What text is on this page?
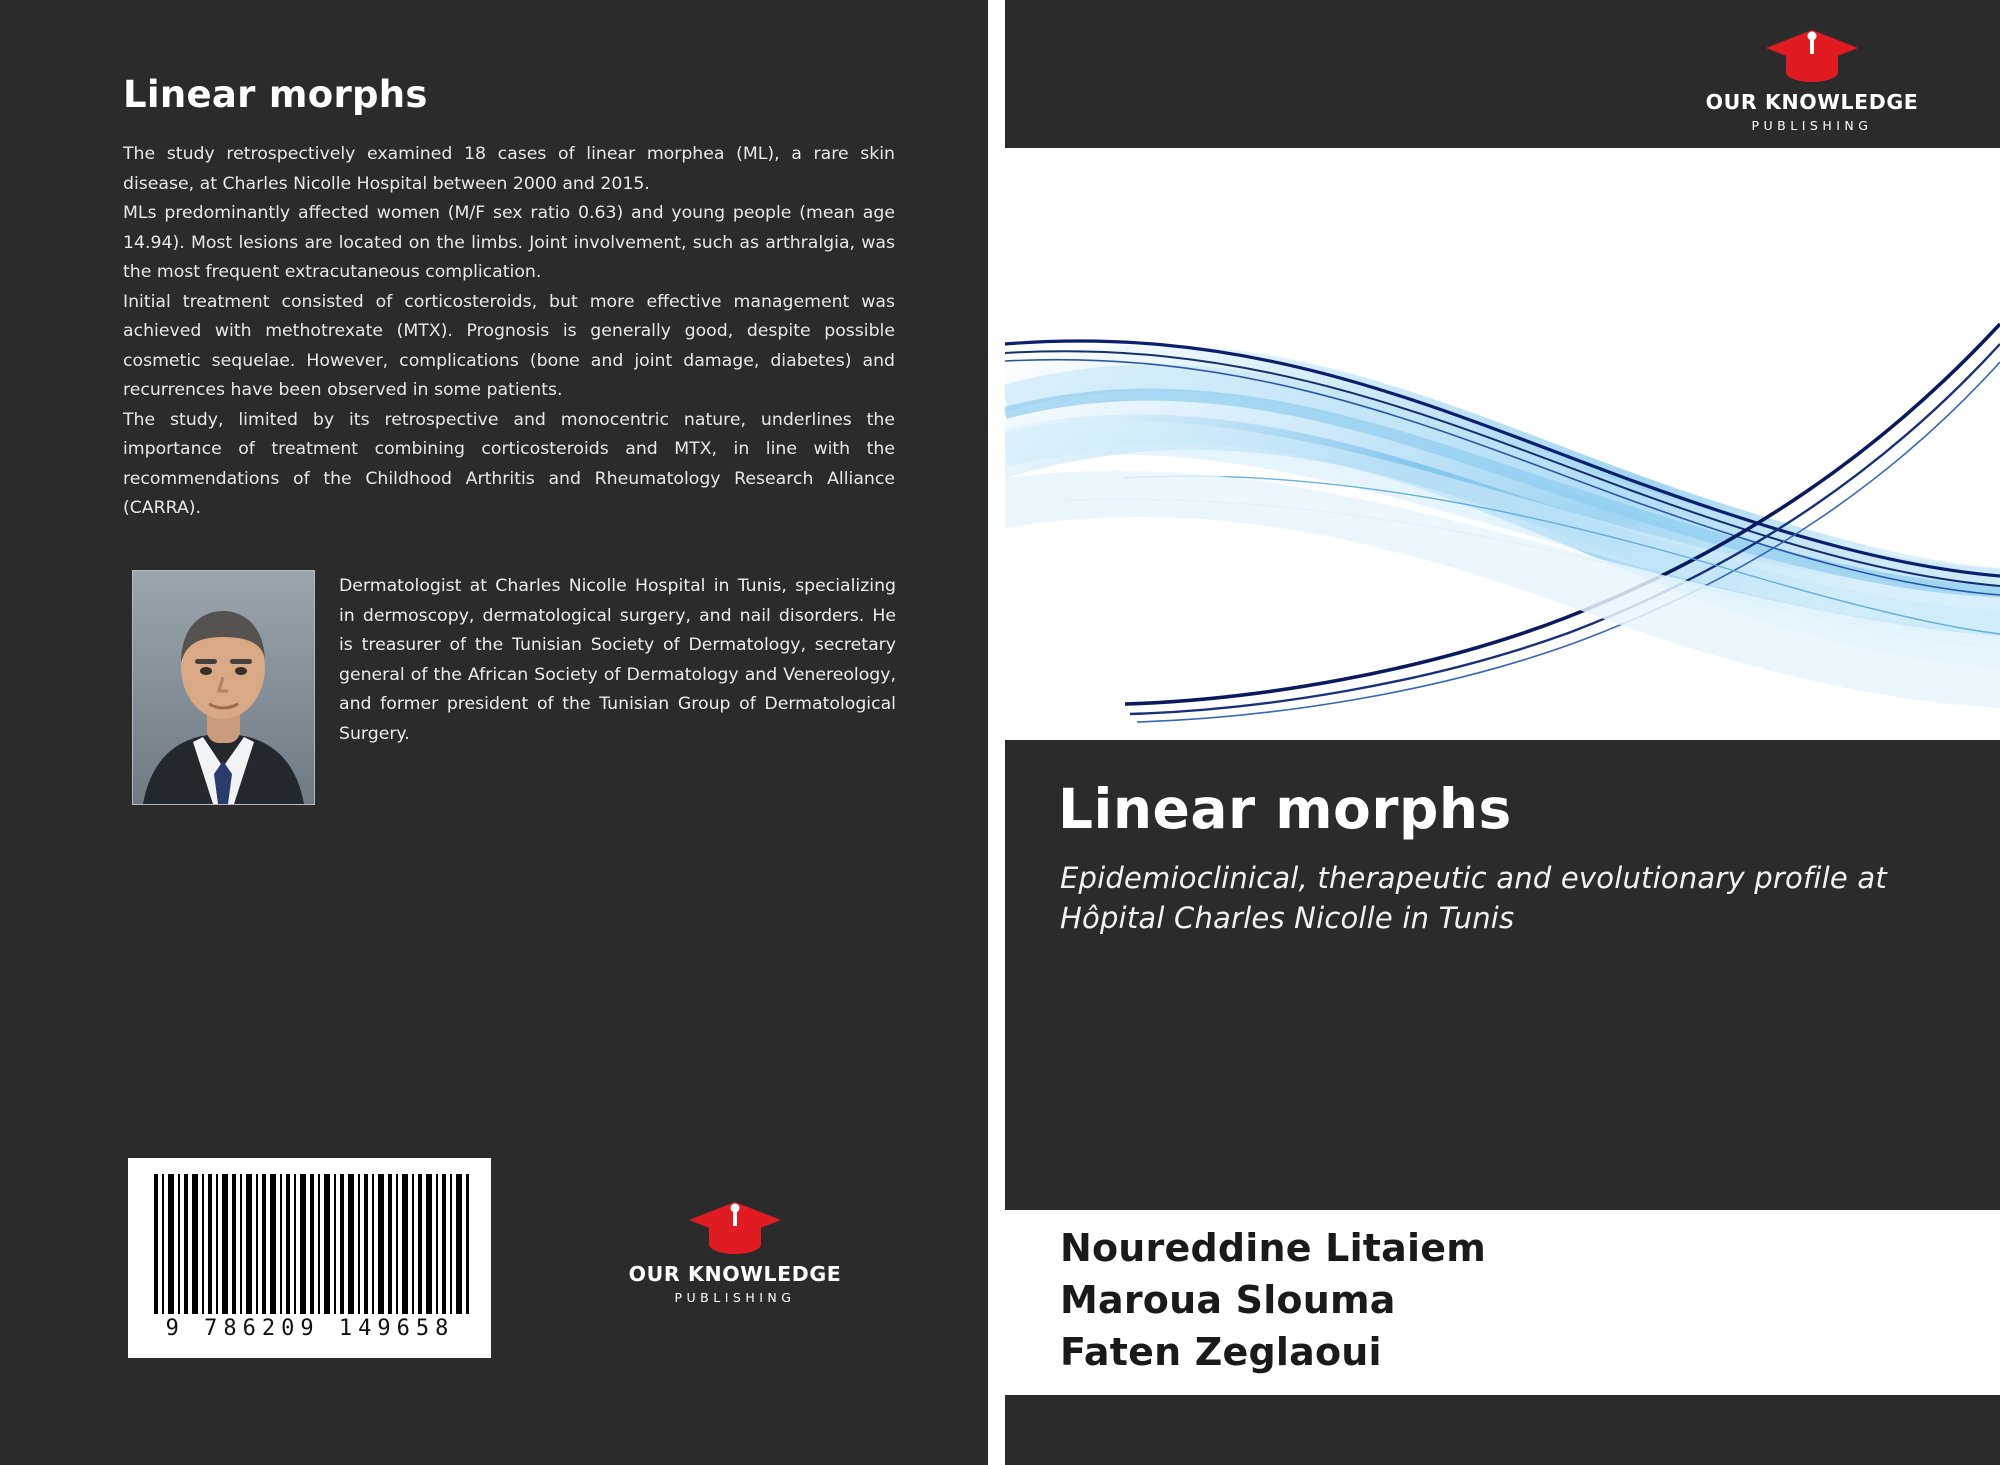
Linear morphs

The study retrospectively examined 18 cases of linear morphea (ML), a rare skin disease, at Charles Nicolle Hospital between 2000 and 2015.

MLs predominantly affected women (M/F sex ratio 0.63) and young people (mean age 14.94). Most lesions are located on the limbs. Joint involvement, such as arthralgia, was the most frequent extracutaneous complication.

Initial treatment consisted of corticosteroids, but more effective management was achieved with methotrexate (MTX). Prognosis is generally good, despite possible cosmetic sequelae. However, complications (bone and joint damage, diabetes) and recurrences have been observed in some patients.

The study, limited by its retrospective and monocentric nature, underlines the importance of treatment combining corticosteroids and MTX, in line with the recommendations of the Childhood Arthritis and Rheumatology Research Alliance (CARRA).

Dermatologist at Charles Nicolle Hospital in Tunis, specializing in dermoscopy, dermatological surgery, and nail disorders. He is treasurer of the Tunisian Society of Dermatology, secretary general of the African Society of Dermatology and Venereology, and former president of the Tunisian Group of Dermatological Surgery.
9 786209 149658
OUR KNOWLEDGE
PUBLISHING
OUR KNOWLEDGE
PUBLISHING
Linear morphs
Epidemioclinical, therapeutic and evolutionary profile at Hôpital Charles Nicolle in Tunis
Noureddine Litaiem
Maroua Slouma
Faten Zeglaoui
